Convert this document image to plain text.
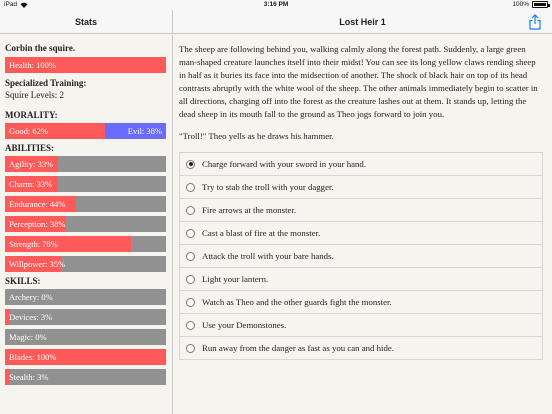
iPad	3:16 PM	100%
Stats	Lost Heir 1
Corbin the squire.
Health: 100%
Specialized Training:
Squire Levels: 2
MORALITY:
Good: 62%	Evil: 38%
ABILITIES:
Agility: 33%
Charm: 33%
Endurance: 44%
Perception: 38%
Strength: 78%
Willpower: 35%
SKILLS:
Archery: 0%
Devices: 3%
Magic: 0%
Blades: 100%
Stealth: 3%

The sheep are following behind you, walking calmly along the forest path. Suddenly, a large green man-shaped creature launches itself into their midst! You can see its long yellow claws rending sheep in half as it buries its face into the midsection of another. The shock of black hair on top of its head contrasts abruptly with the white wool of the sheep. The other animals immediately begin to scatter in all directions, charging off into the forest as the creature lashes out at them. It stands up, letting the dead sheep in its mouth fall to the ground as Theo jogs forward to join you.

"Troll!" Theo yells as he draws his hammer.

Charge forward with your sword in your hand.
Try to stab the troll with your dagger.
Fire arrows at the monster.
Cast a blast of fire at the monster.
Attack the troll with your bare hands.
Light your lantern.
Watch as Theo and the other guards fight the monster.
Use your Demonstones.
Run away from the danger as fast as you can and hide.
